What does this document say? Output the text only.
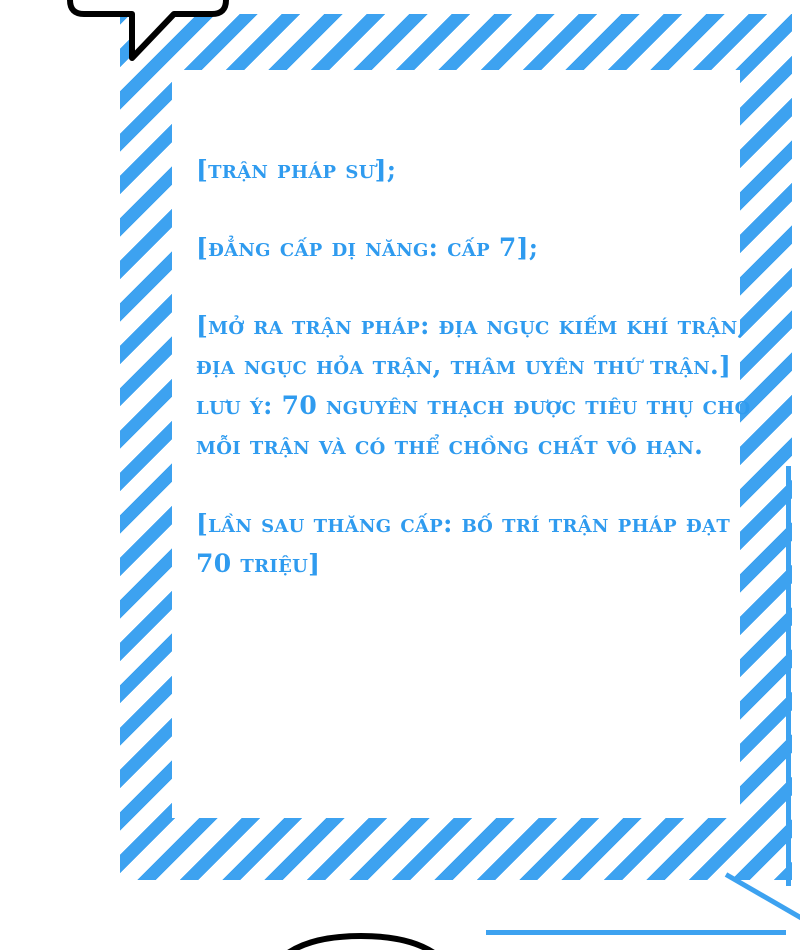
[trận pháp sư];

[đẳng cấp dị năng: cấp 7];

[mở ra trận pháp: địa ngục kiếm khí trận, địa ngục hỏa trận, thâm uyên thứ trận.] lưu ý: 70 nguyên thạch được tiêu thụ cho mỗi trận và có thể chồng chất vô hạn.

[lần sau thăng cấp: bố trí trận pháp đạt 70 triệu]
